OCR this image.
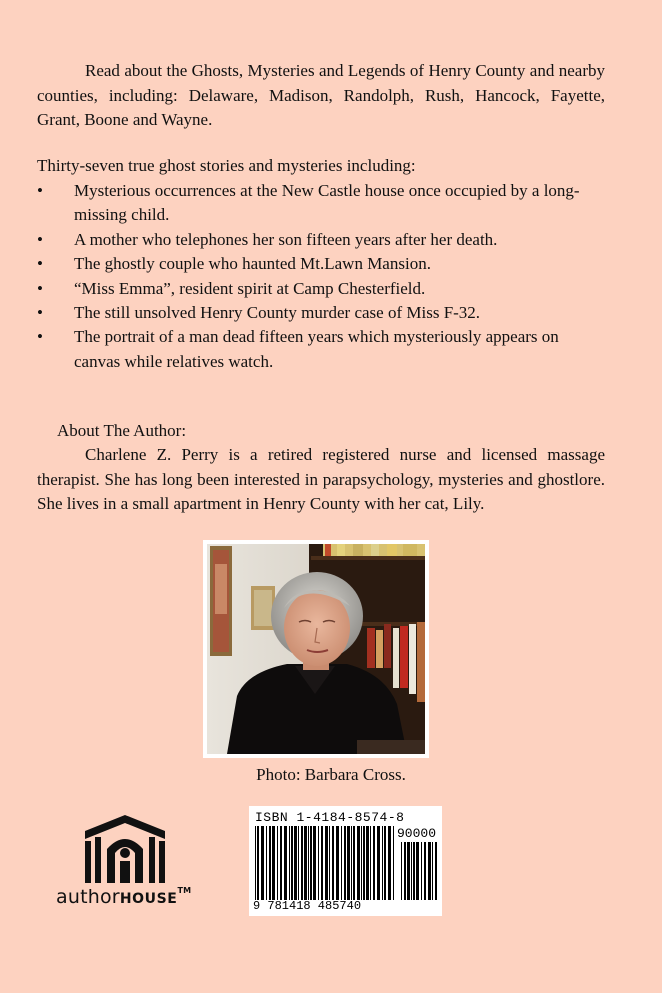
Read about the Ghosts, Mysteries and Legends of Henry County and nearby counties, including: Delaware, Madison, Randolph, Rush, Hancock, Fayette, Grant, Boone and Wayne.
Thirty-seven true ghost stories and mysteries including:
•	Mysterious occurrences at the New Castle house once occupied by a long-missing child.
•	A mother who telephones her son fifteen years after her death.
•	The ghostly couple who haunted Mt.Lawn Mansion.
•	“Miss Emma”, resident spirit at Camp Chesterfield.
•	The still unsolved Henry County murder case of Miss F-32.
•	The portrait of a man dead fifteen years which mysteriously appears on canvas while relatives watch.
About The Author:
Charlene Z. Perry is a retired registered nurse and licensed massage therapist. She has long been interested in parapsychology, mysteries and ghostlore. She lives in a small apartment in Henry County with her cat, Lily.
Photo: Barbara Cross.
authorHOUSE™
ISBN 1-4184-8574-8
90000
9 781418 485740
